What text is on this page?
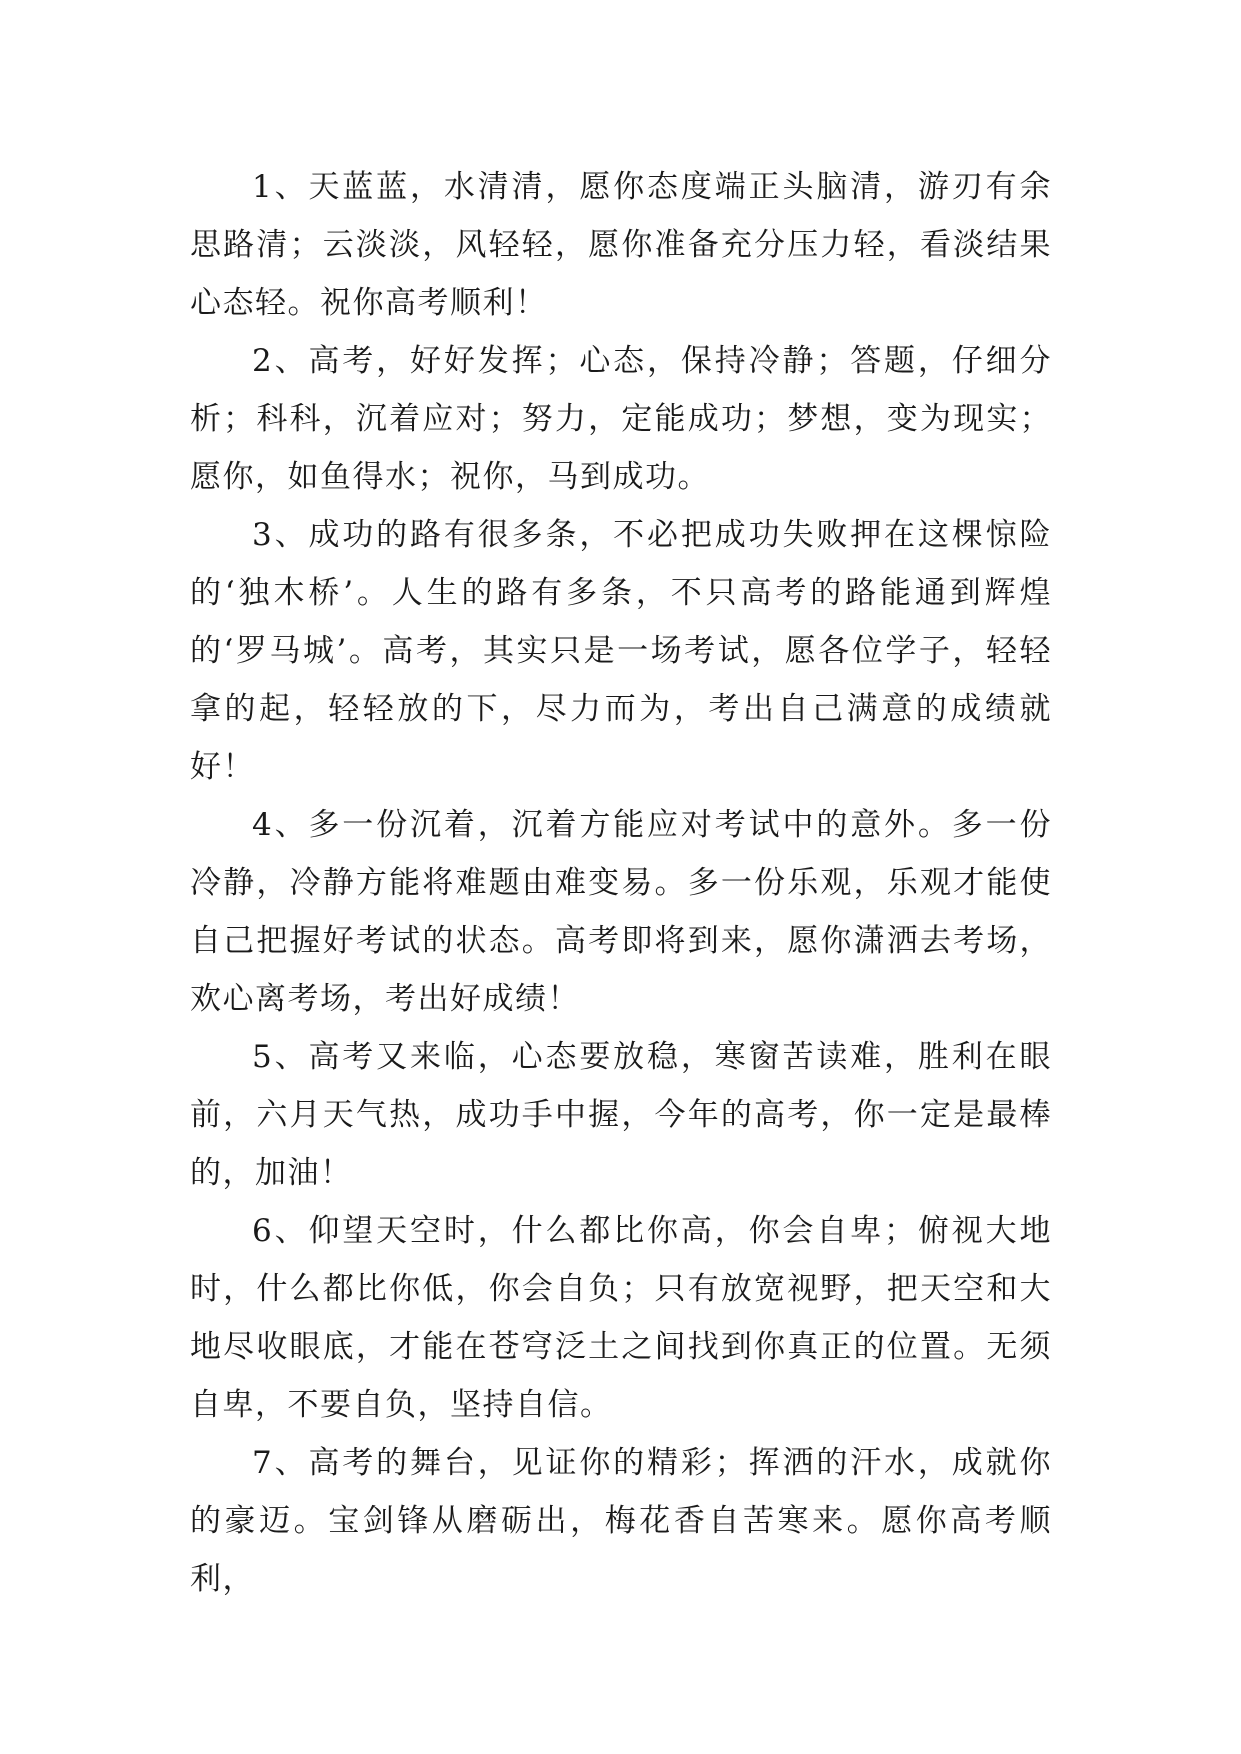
1、天蓝蓝，水清清，愿你态度端正头脑清，游刃有余思路清；云淡淡，风轻轻，愿你准备充分压力轻，看淡结果心态轻。祝你高考顺利！

2、高考，好好发挥；心态，保持冷静；答题，仔细分析；科科，沉着应对；努力，定能成功；梦想，变为现实；愿你，如鱼得水；祝你，马到成功。

3、成功的路有很多条，不必把成功失败押在这棵惊险的‘独木桥’。人生的路有多条，不只高考的路能通到辉煌的‘罗马城’。高考，其实只是一场考试，愿各位学子，轻轻拿的起，轻轻放的下，尽力而为，考出自己满意的成绩就好！

4、多一份沉着，沉着方能应对考试中的意外。多一份冷静，冷静方能将难题由难变易。多一份乐观，乐观才能使自己把握好考试的状态。高考即将到来，愿你潇洒去考场，欢心离考场，考出好成绩！

5、高考又来临，心态要放稳，寒窗苦读难，胜利在眼前，六月天气热，成功手中握，今年的高考，你一定是最棒的，加油！

6、仰望天空时，什么都比你高，你会自卑；俯视大地时，什么都比你低，你会自负；只有放宽视野，把天空和大地尽收眼底，才能在苍穹泛土之间找到你真正的位置。无须自卑，不要自负，坚持自信。

7、高考的舞台，见证你的精彩；挥洒的汗水，成就你的豪迈。宝剑锋从磨砺出，梅花香自苦寒来。愿你高考顺利，
